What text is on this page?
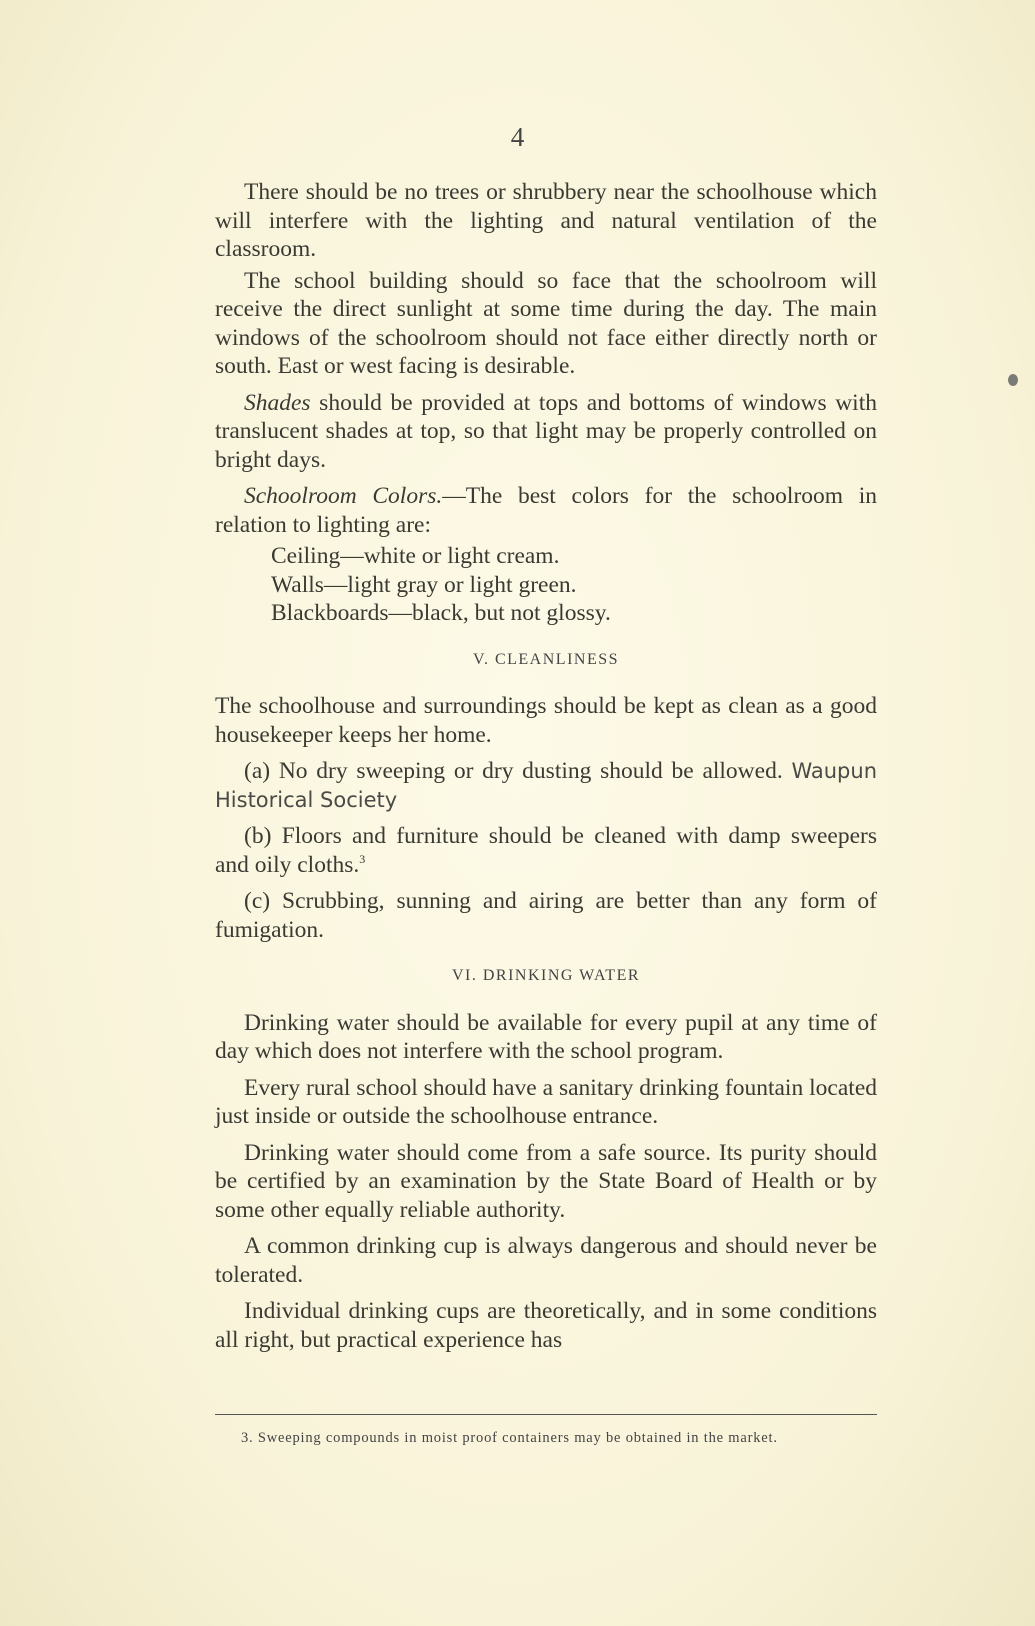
4

There should be no trees or shrubbery near the schoolhouse which will interfere with the lighting and natural ventilation of the classroom.

The school building should so face that the schoolroom will receive the direct sunlight at some time during the day. The main windows of the schoolroom should not face either directly north or south. East or west facing is desirable.

Shades should be provided at tops and bottoms of windows with translucent shades at top, so that light may be properly controlled on bright days.

Schoolroom Colors.—The best colors for the schoolroom in relation to lighting are:

Ceiling—white or light cream.
Walls—light gray or light green.
Blackboards—black, but not glossy.
V. CLEANLINESS

The schoolhouse and surroundings should be kept as clean as a good housekeeper keeps her home.

(a) No dry sweeping or dry dusting should be allowed. Waupun Historical Society

(b) Floors and furniture should be cleaned with damp sweepers and oily cloths.$^3$

(c) Scrubbing, sunning and airing are better than any form of fumigation.

VI. DRINKING WATER

Drinking water should be available for every pupil at any time of day which does not interfere with the school program.

Every rural school should have a sanitary drinking fountain located just inside or outside the schoolhouse entrance.

Drinking water should come from a safe source. Its purity should be certified by an examination by the State Board of Health or by some other equally reliable authority.

A common drinking cup is always dangerous and should never be tolerated.

Individual drinking cups are theoretically, and in some conditions all right, but practical experience has

3. Sweeping compounds in moist proof containers may be obtained in the market.
